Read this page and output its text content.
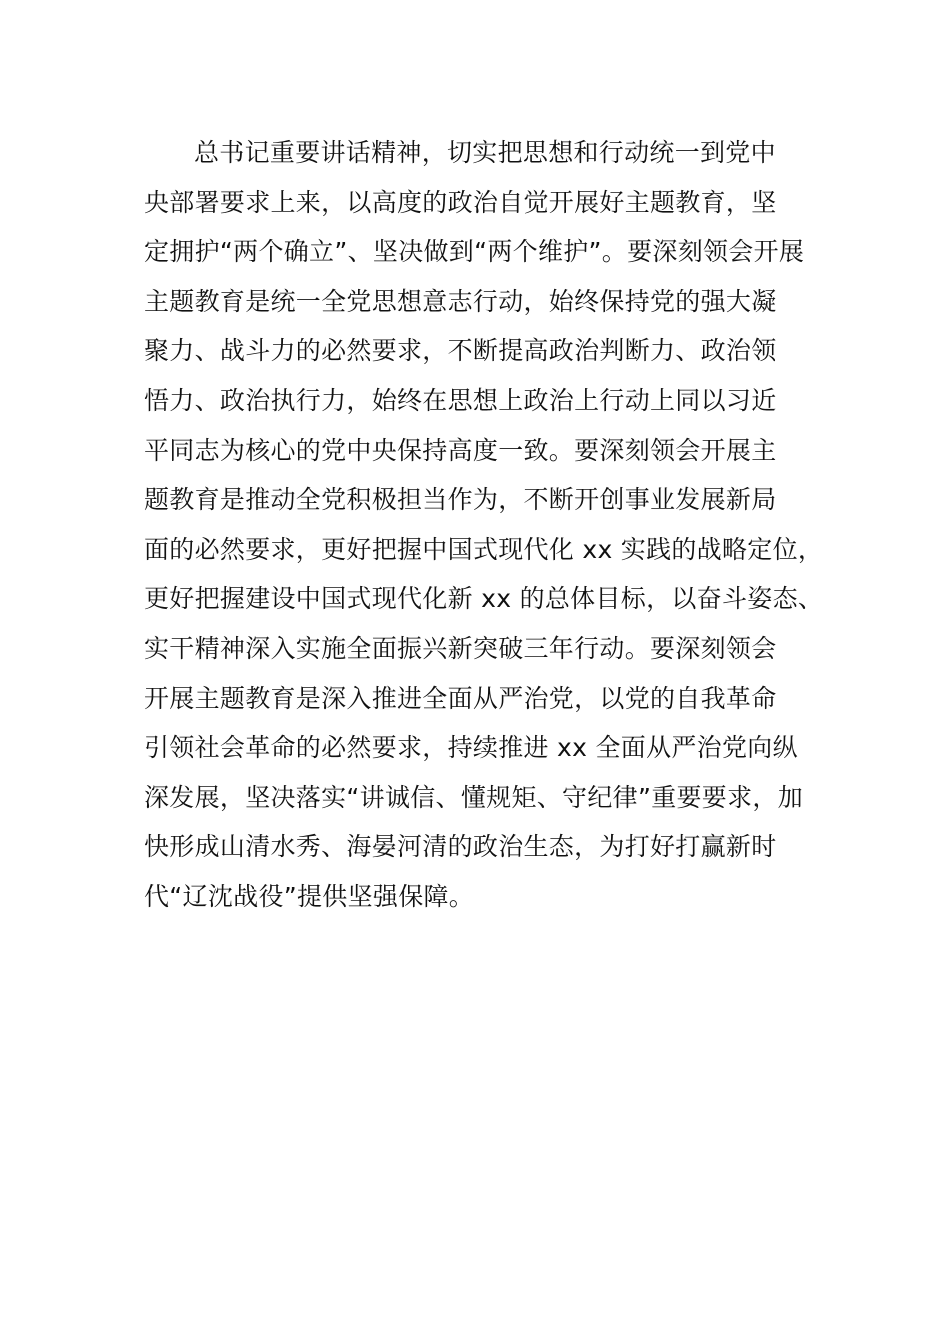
总书记重要讲话精神，切实把思想和行动统一到党中
央部署要求上来，以高度的政治自觉开展好主题教育，坚
定拥护“两个确立”、坚决做到“两个维护”。要深刻领会开展
主题教育是统一全党思想意志行动，始终保持党的强大凝
聚力、战斗力的必然要求，不断提高政治判断力、政治领
悟力、政治执行力，始终在思想上政治上行动上同以习近
平同志为核心的党中央保持高度一致。要深刻领会开展主
题教育是推动全党积极担当作为，不断开创事业发展新局
面的必然要求，更好把握中国式现代化 xx 实践的战略定位，
更好把握建设中国式现代化新 xx 的总体目标，以奋斗姿态、
实干精神深入实施全面振兴新突破三年行动。要深刻领会
开展主题教育是深入推进全面从严治党，以党的自我革命
引领社会革命的必然要求，持续推进 xx 全面从严治党向纵
深发展，坚决落实“讲诚信、懂规矩、守纪律”重要要求，加
快形成山清水秀、海晏河清的政治生态，为打好打赢新时
代“辽沈战役”提供坚强保障。
